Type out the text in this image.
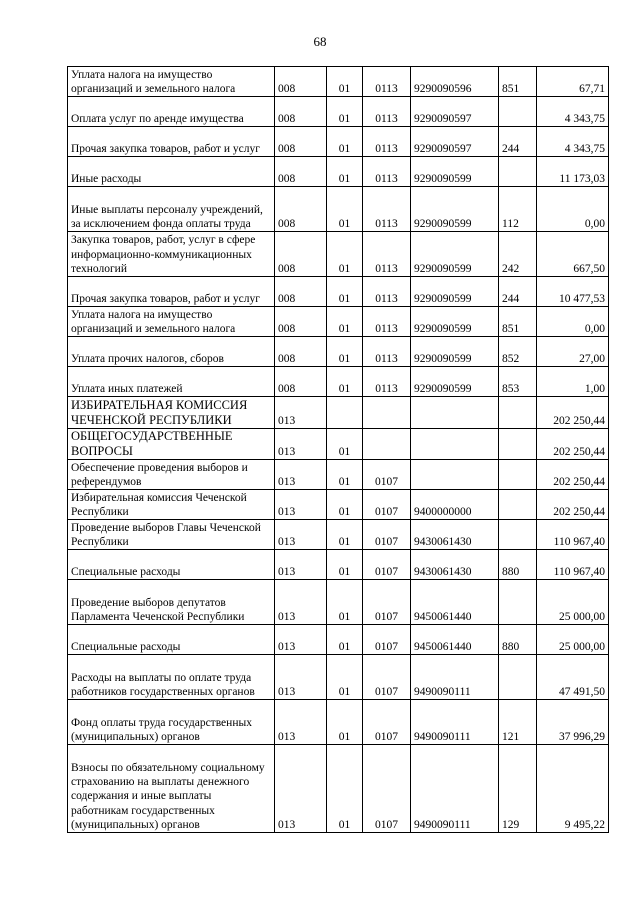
68
Уплата налога на имущество организаций и земельного налога	008	01	0113	9290090596	851	67,71
Оплата услуг по аренде имущества	008	01	0113	9290090597		4 343,75
Прочая закупка товаров, работ и услуг	008	01	0113	9290090597	244	4 343,75
Иные расходы	008	01	0113	9290090599		11 173,03
Иные выплаты персоналу учреждений, за исключением фонда оплаты труда	008	01	0113	9290090599	112	0,00
Закупка товаров, работ, услуг в сфере информационно-коммуникационных технологий	008	01	0113	9290090599	242	667,50
Прочая закупка товаров, работ и услуг	008	01	0113	9290090599	244	10 477,53
Уплата налога на имущество организаций и земельного налога	008	01	0113	9290090599	851	0,00
Уплата прочих налогов, сборов	008	01	0113	9290090599	852	27,00
Уплата иных платежей	008	01	0113	9290090599	853	1,00
ИЗБИРАТЕЛЬНАЯ КОМИССИЯ ЧЕЧЕНСКОЙ РЕСПУБЛИКИ	013					202 250,44
ОБЩЕГОСУДАРСТВЕННЫЕ ВОПРОСЫ	013	01				202 250,44
Обеспечение проведения выборов и референдумов	013	01	0107			202 250,44
Избирательная комиссия Чеченской Республики	013	01	0107	9400000000		202 250,44
Проведение выборов Главы Чеченской Республики	013	01	0107	9430061430		110 967,40
Специальные расходы	013	01	0107	9430061430	880	110 967,40
Проведение выборов депутатов Парламента Чеченской Республики	013	01	0107	9450061440		25 000,00
Специальные расходы	013	01	0107	9450061440	880	25 000,00
Расходы на выплаты по оплате труда работников государственных органов	013	01	0107	9490090111		47 491,50
Фонд оплаты труда государственных (муниципальных) органов	013	01	0107	9490090111	121	37 996,29
Взносы по обязательному социальному страхованию на выплаты денежного содержания и иные выплаты работникам государственных (муниципальных) органов	013	01	0107	9490090111	129	9 495,22
